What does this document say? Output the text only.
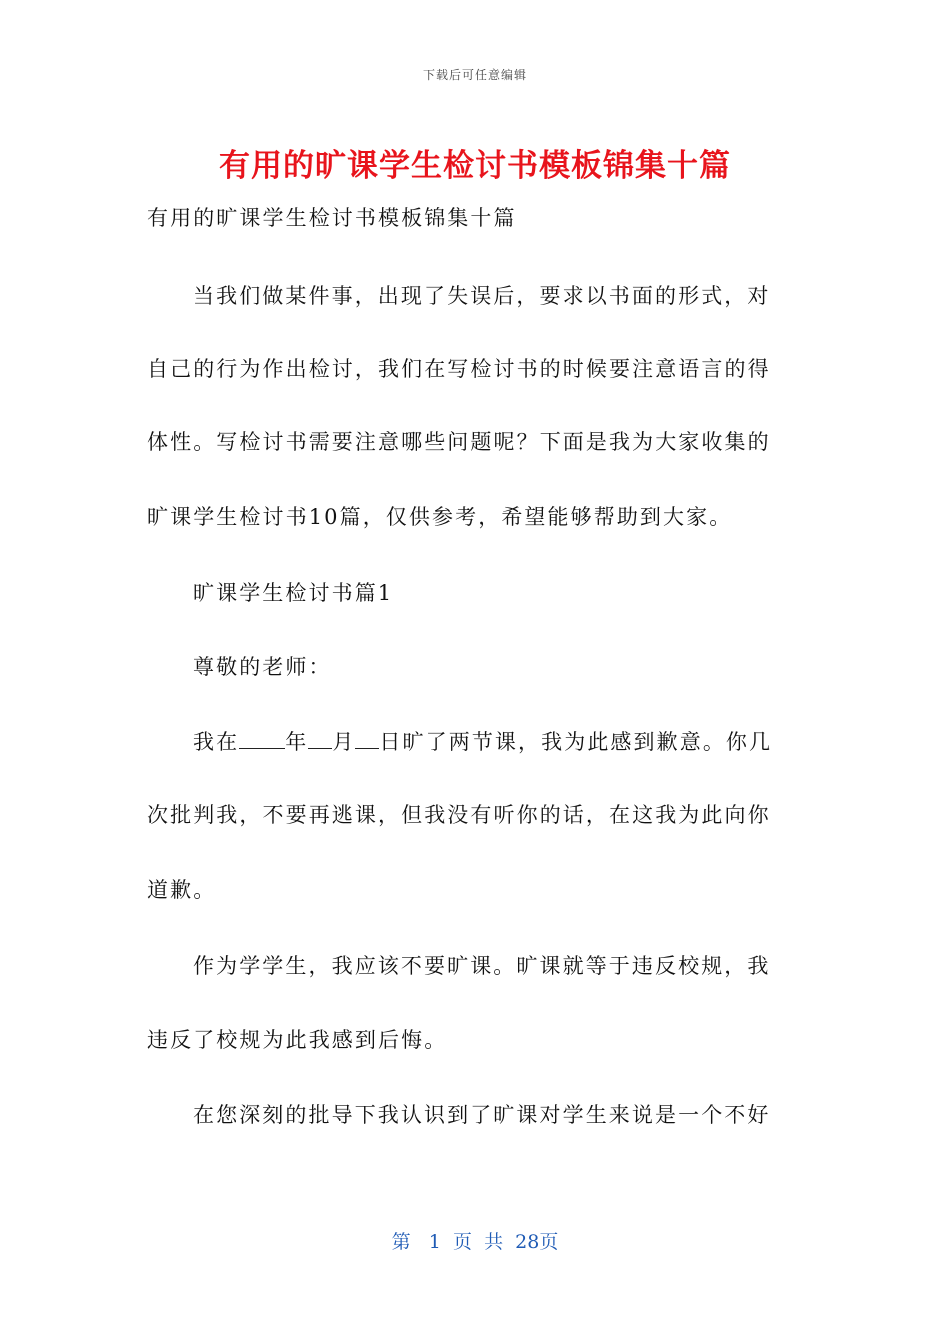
下载后可任意编辑
有用的旷课学生检讨书模板锦集十篇
有用的旷课学生检讨书模板锦集十篇
当我们做某件事，出现了失误后，要求以书面的形式，对
自己的行为作出检讨，我们在写检讨书的时候要注意语言的得
体性。写检讨书需要注意哪些问题呢？下面是我为大家收集的
旷课学生检讨书10篇，仅供参考，希望能够帮助到大家。
旷课学生检讨书篇1
尊敬的老师：
我在 年 月 日旷了两节课，我为此感到歉意。你几
次批判我，不要再逃课，但我没有听你的话，在这我为此向你
道歉。
作为学学生，我应该不要旷课。旷课就等于违反校规，我
违反了校规为此我感到后悔。
在您深刻的批导下我认识到了旷课对学生来说是一个不好
第 1 页 共 28页
